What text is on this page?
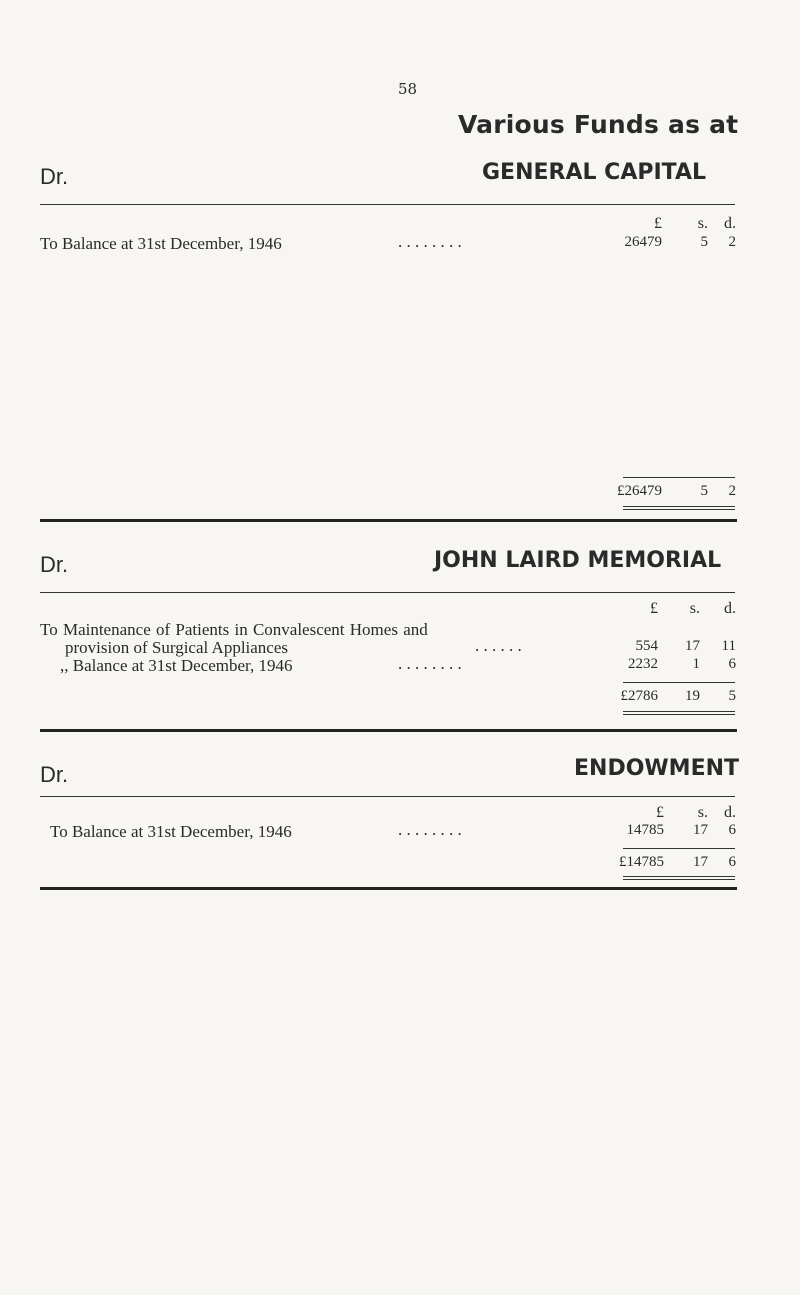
58
Various Funds as at
Dr.	GENERAL CAPITAL
£	s.	d.
To Balance at 31st December, 1946	. . . . . . . .	26479	5	2
£26479	5	2
Dr.	JOHN LAIRD MEMORIAL
£	s.	d.
To Maintenance of Patients in Convalescent Homes and
provision of Surgical Appliances	. . . . . .	554	17	11
,, Balance at 31st December, 1946	. . . . . . . .	2232	1	6
£2786	19	5
Dr.	ENDOWMENT
£	s.	d.
To Balance at 31st December, 1946	. . . . . . . .	14785	17	6
£14785	17	6
